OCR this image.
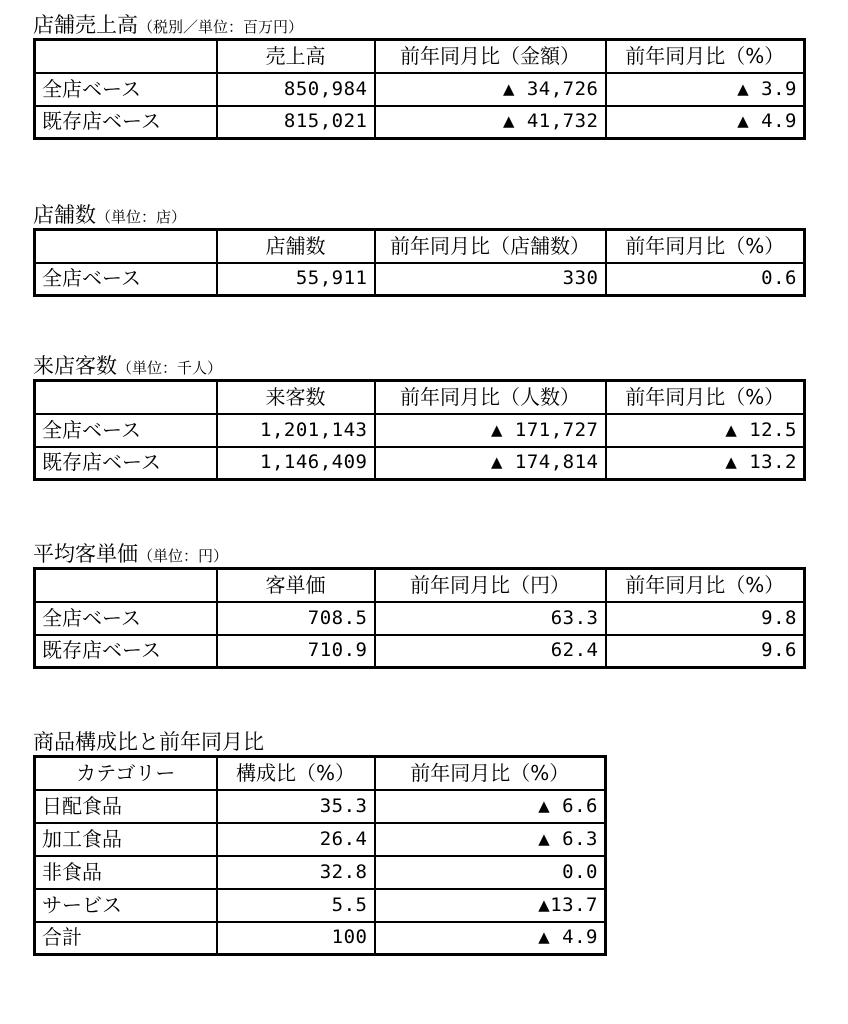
店舗売上高（税別／単位：百万円）
	売上高	前年同月比（金額）	前年同月比（%）
全店ベース	850,984	▲ 34,726	▲ 3.9
既存店ベース	815,021	▲ 41,732	▲ 4.9
店舗数（単位：店）
	店舗数	前年同月比（店舗数）	前年同月比（%）
全店ベース	55,911	330	0.6
来店客数（単位：千人）
	来客数	前年同月比（人数）	前年同月比（%）
全店ベース	1,201,143	▲ 171,727	▲ 12.5
既存店ベース	1,146,409	▲ 174,814	▲ 13.2
平均客単価（単位：円）
	客単価	前年同月比（円）	前年同月比（%）
全店ベース	708.5	63.3	9.8
既存店ベース	710.9	62.4	9.6
商品構成比と前年同月比
カテゴリー	構成比（%）	前年同月比（%）
日配食品	35.3	▲ 6.6
加工食品	26.4	▲ 6.3
非食品	32.8	0.0
サービス	5.5	▲13.7
合計	100	▲ 4.9
